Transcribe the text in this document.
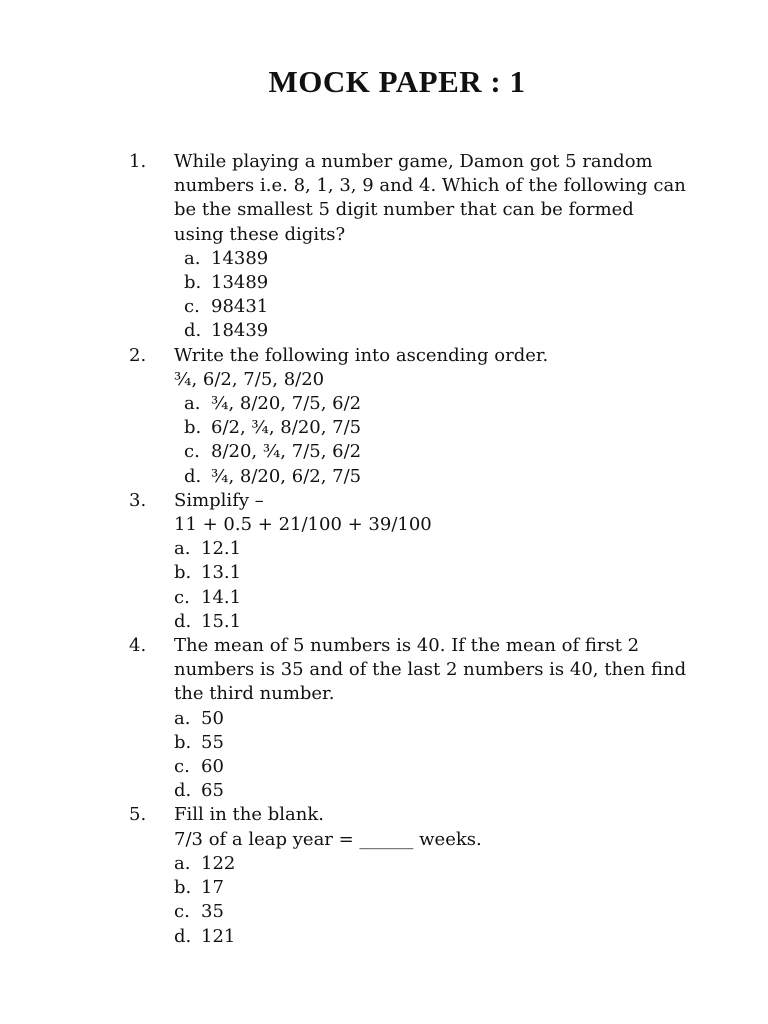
MOCK PAPER : 1
1.	While playing a number game, Damon got 5 random numbers i.e. 8, 1, 3, 9 and 4. Which of the following can be the smallest 5 digit number that can be formed using these digits?
a. 14389
b. 13489
c. 98431
d. 18439
2.	Write the following into ascending order.
¾, 6/2, 7/5, 8/20
a. ¾, 8/20, 7/5, 6/2
b. 6/2, ¾, 8/20, 7/5
c. 8/20, ¾, 7/5, 6/2
d. ¾, 8/20, 6/2, 7/5
3.	Simplify –
11 + 0.5 + 21/100 + 39/100
a. 12.1
b. 13.1
c. 14.1
d. 15.1
4.	The mean of 5 numbers is 40. If the mean of first 2 numbers is 35 and of the last 2 numbers is 40, then find the third number.
a. 50
b. 55
c. 60
d. 65
5.	Fill in the blank.
7/3 of a leap year = ______ weeks.
a. 122
b. 17
c. 35
d. 121
